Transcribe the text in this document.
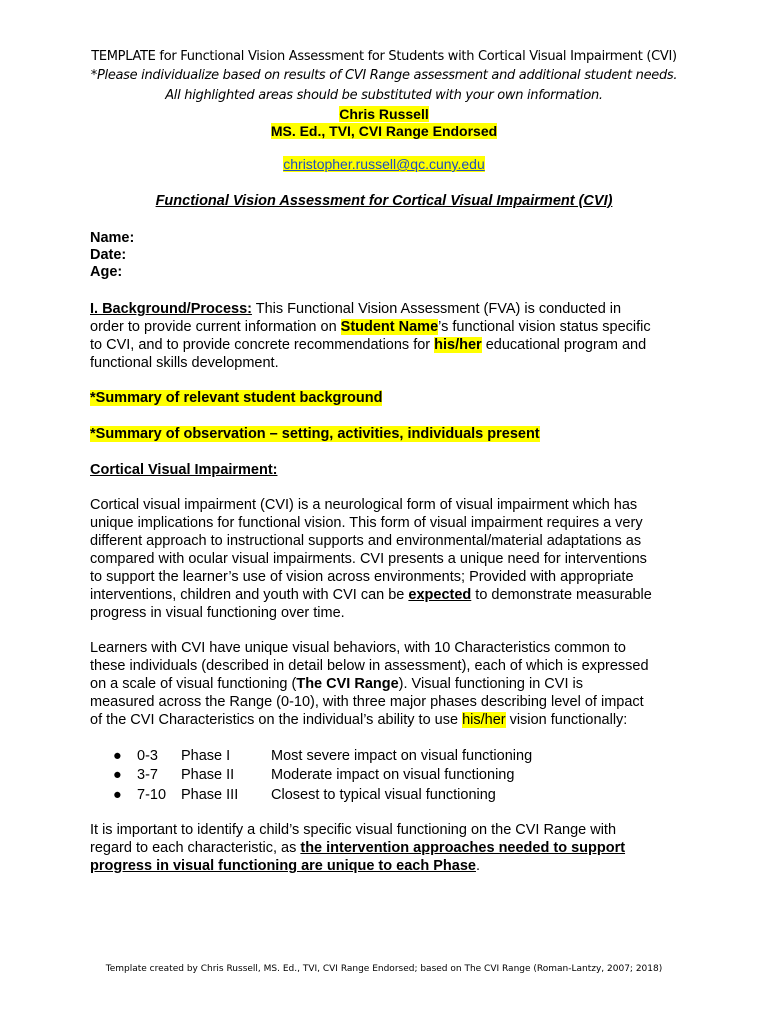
TEMPLATE for Functional Vision Assessment for Students with Cortical Visual Impairment (CVI)
*Please individualize based on results of CVI Range assessment and additional student needs.
All highlighted areas should be substituted with your own information.
Chris Russell
MS. Ed., TVI, CVI Range Endorsed
christopher.russell@qc.cuny.edu
Functional Vision Assessment for Cortical Visual Impairment (CVI)
Name:
Date:
Age:
I. Background/Process: This Functional Vision Assessment (FVA) is conducted in
order to provide current information on Student Name’s functional vision status specific
to CVI, and to provide concrete recommendations for his/her educational program and
functional skills development.
*Summary of relevant student background
*Summary of observation – setting, activities, individuals present
Cortical Visual Impairment:
Cortical visual impairment (CVI) is a neurological form of visual impairment which has
unique implications for functional vision. This form of visual impairment requires a very
different approach to instructional supports and environmental/material adaptations as
compared with ocular visual impairments. CVI presents a unique need for interventions
to support the learner’s use of vision across environments; Provided with appropriate
interventions, children and youth with CVI can be expected to demonstrate measurable
progress in visual functioning over time.
Learners with CVI have unique visual behaviors, with 10 Characteristics common to
these individuals (described in detail below in assessment), each of which is expressed
on a scale of visual functioning (The CVI Range). Visual functioning in CVI is
measured across the Range (0-10), with three major phases describing level of impact
of the CVI Characteristics on the individual’s ability to use his/her vision functionally:
● 0-3 Phase I	Most severe impact on visual functioning
● 3-7 Phase II	Moderate impact on visual functioning
● 7-10 Phase III Closest to typical visual functioning
It is important to identify a child’s specific visual functioning on the CVI Range with
regard to each characteristic, as the intervention approaches needed to support
progress in visual functioning are unique to each Phase.
Template created by Chris Russell, MS. Ed., TVI, CVI Range Endorsed; based on The CVI Range (Roman-Lantzy, 2007; 2018)
